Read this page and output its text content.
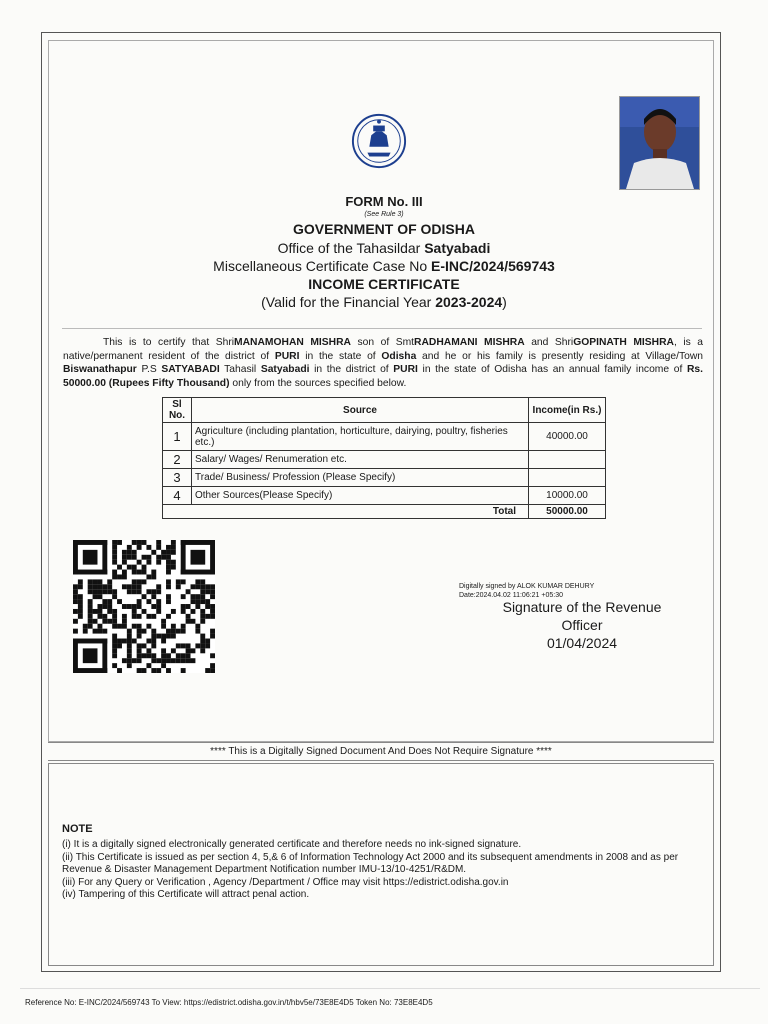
FORM No. III
(See Rule 3)
GOVERNMENT OF ODISHA
Office of the Tahasildar Satyabadi
Miscellaneous Certificate Case No E-INC/2024/569743
INCOME CERTIFICATE
(Valid for the Financial Year 2023-2024)
This is to certify that ShriMANAMOHAN MISHRA son of SmtRADHAMANI MISHRA and ShriGOPINATH MISHRA, is a native/permanent resident of the district of PURI in the state of Odisha and he or his family is presently residing at Village/Town Biswanathapur P.S SATYABADI Tahasil Satyabadi in the district of PURI in the state of Odisha has an annual family income of Rs. 50000.00 (Rupees Fifty Thousand) only from the sources specified below.
Sl No.	Source	Income(in Rs.)
1	Agriculture (including plantation, horticulture, dairying, poultry, fisheries etc.)	40000.00
2	Salary/ Wages/ Renumeration etc.	
3	Trade/ Business/ Profession (Please Specify)	
4	Other Sources(Please Specify)	10000.00
Total		50000.00
Digitally signed by ALOK KUMAR DEHURY
Date:2024.04.02 11:06:21 +05:30
Signature of the Revenue
Officer
01/04/2024
**** This is a Digitally Signed Document And Does Not Require Signature ****
NOTE
(i) It is a digitally signed electronically generated certificate and therefore needs no ink-signed signature.
(ii) This Certificate is issued as per section 4, 5,& 6 of Information Technology Act 2000 and its subsequent amendments in 2008 and as per Revenue & Disaster Management Department Notification number IMU-13/10-4251/R&DM.
(iii) For any Query or Verification , Agency /Department / Office may visit https://edistrict.odisha.gov.in
(iv) Tampering of this Certificate will attract penal action.
Reference No: E-INC/2024/569743 To View: https://edistrict.odisha.gov.in/t/hbv5e/73E8E4D5 Token No: 73E8E4D5
